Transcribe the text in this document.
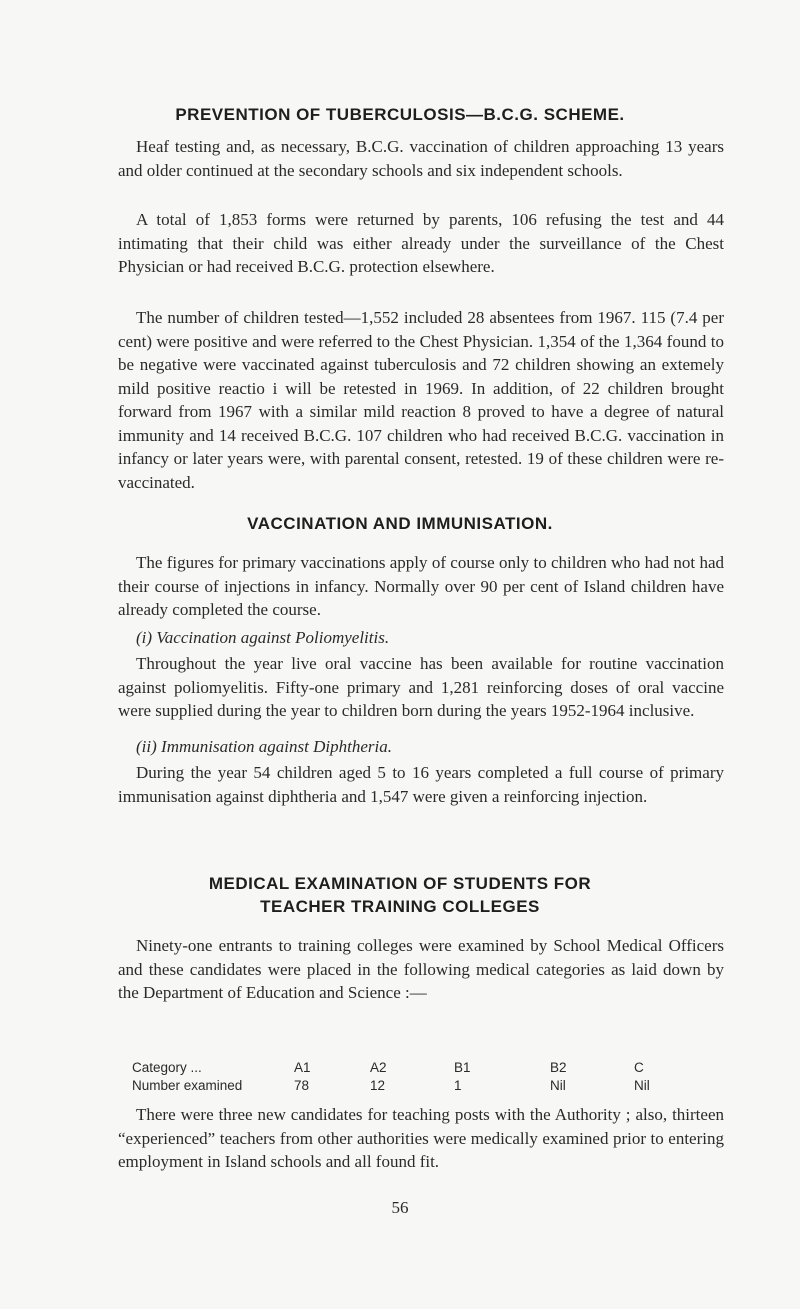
PREVENTION OF TUBERCULOSIS—B.C.G. SCHEME.

Heaf testing and, as necessary, B.C.G. vaccination of children approaching 13 years and older continued at the secondary schools and six independent schools.

A total of 1,853 forms were returned by parents, 106 refusing the test and 44 intimating that their child was either already under the surveillance of the Chest Physician or had received B.C.G. protection elsewhere.

The number of children tested—1,552 included 28 absentees from 1967. 115 (7.4 per cent) were positive and were referred to the Chest Physician. 1,354 of the 1,364 found to be negative were vaccinated against tuberculosis and 72 children showing an extemely mild positive reactio i will be retested in 1969. In addition, of 22 children brought forward from 1967 with a similar mild reaction 8 proved to have a degree of natural immunity and 14 received B.C.G. 107 children who had received B.C.G. vaccination in infancy or later years were, with parental consent, retested. 19 of these children were re-vaccinated.

VACCINATION AND IMMUNISATION.

The figures for primary vaccinations apply of course only to children who had not had their course of injections in infancy. Normally over 90 per cent of Island children have already completed the course.

(i) Vaccination against Poliomyelitis.

Throughout the year live oral vaccine has been available for routine vaccination against poliomyelitis. Fifty-one primary and 1,281 reinforcing doses of oral vaccine were supplied during the year to children born during the years 1952-1964 inclusive.

(ii) Immunisation against Diphtheria.

During the year 54 children aged 5 to 16 years completed a full course of primary immunisation against diphtheria and 1,547 were given a reinforcing injection.

MEDICAL EXAMINATION OF STUDENTS FOR
TEACHER TRAINING COLLEGES

Ninety-one entrants to training colleges were examined by School Medical Officers and these candidates were placed in the following medical categories as laid down by the Department of Education and Science :—

Category ...	A1	A2	B1	B2	C
Number examined	78	12	1	Nil	Nil

There were three new candidates for teaching posts with the Authority ; also, thirteen “experienced” teachers from other authorities were medically examined prior to entering employment in Island schools and all found fit.

56
